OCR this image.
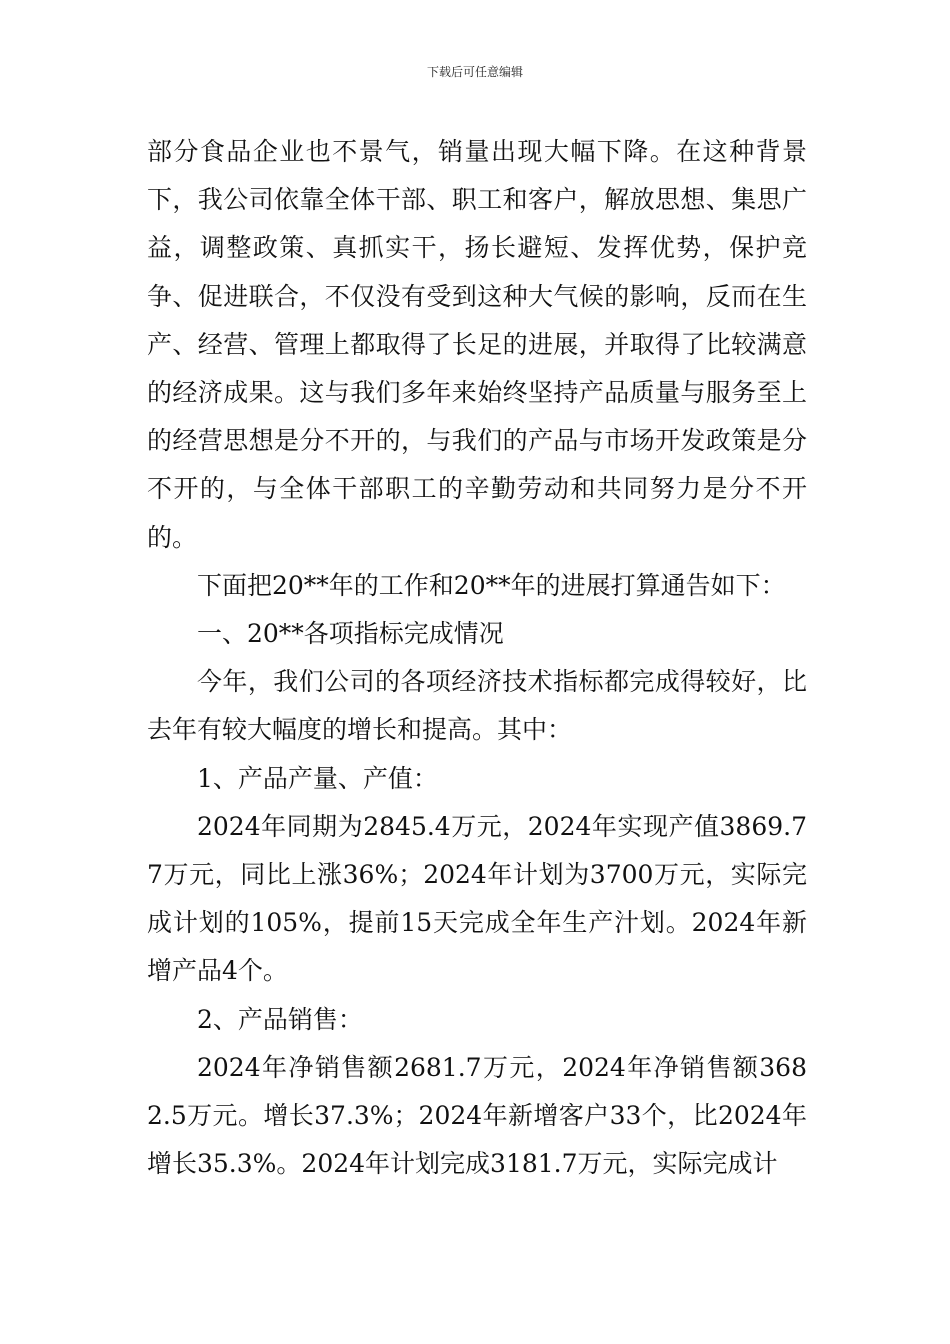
下载后可任意编辑

部分食品企业也不景气，销量出现大幅下降。在这种背景下，我公司依靠全体干部、职工和客户，解放思想、集思广益，调整政策、真抓实干，扬长避短、发挥优势，保护竞争、促进联合，不仅没有受到这种大气候的影响，反而在生产、经营、管理上都取得了长足的进展，并取得了比较满意的经济成果。这与我们多年来始终坚持产品质量与服务至上的经营思想是分不开的，与我们的产品与市场开发政策是分不开的，与全体干部职工的辛勤劳动和共同努力是分不开的。

下面把20**年的工作和20**年的进展打算通告如下：

一、20**各项指标完成情况

今年，我们公司的各项经济技术指标都完成得较好，比去年有较大幅度的增长和提高。其中：

1、产品产量、产值：

2024年同期为2845.4万元，2024年实现产值3869.77万元，同比上涨36%；2024年计划为3700万元，实际完成计划的105%，提前15天完成全年生产汁划。2024年新增产品4个。

2、产品销售：

2024年净销售额2681.7万元，2024年净销售额3682.5万元。增长37.3%；2024年新增客户33个，比2024年增长35.3%。2024年计划完成3181.7万元，实际完成计
